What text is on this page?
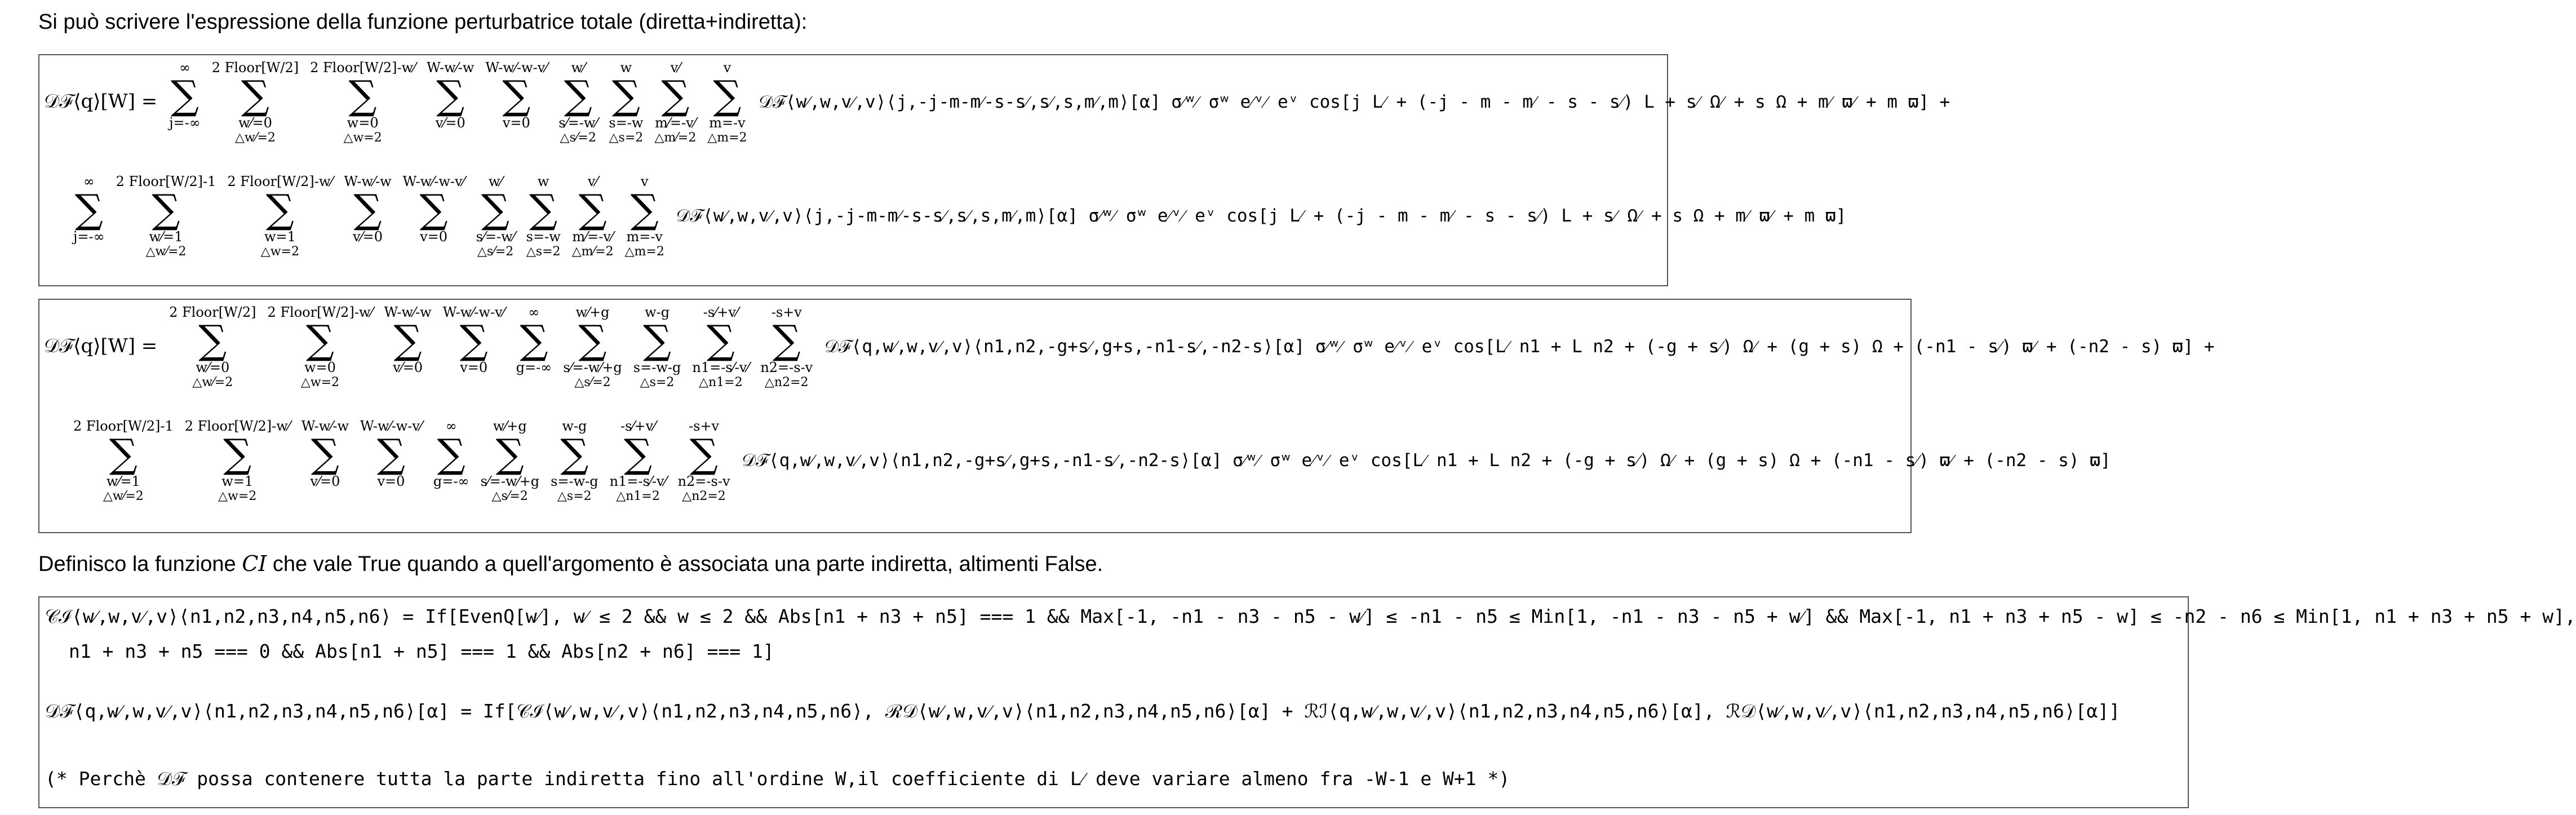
Si può scrivere l'espressione della funzione perturbatrice totale (diretta+indiretta):
𝒟ℱ⟨q⟩[W] =
∞
∑
j=-∞

2 Floor[W/2]
∑
w⁄=0
△w⁄=2
2 Floor[W/2]-w⁄
∑
w=0
△w=2
W-w⁄-w
∑
v⁄=0

W-w⁄-w-v⁄
∑
v=0

w⁄
∑
s⁄=-w⁄
△s⁄=2
w
∑
s=-w
△s=2
v⁄
∑
m⁄=-v⁄
△m⁄=2
v
∑
m=-v
△m=2
𝒟ℱ⟨w⁄,w,v⁄,v⟩⟨j,-j-m-m⁄-s-s⁄,s⁄,s,m⁄,m⟩[α] σ⁄ʷ⁄ σʷ e⁄ᵛ⁄ eᵛ cos[j L⁄ + (-j - m - m⁄ - s - s⁄) L + s⁄ Ω⁄ + s Ω + m⁄ ϖ⁄ + m ϖ] +
∞
∑
j=-∞

2 Floor[W/2]-1
∑
w⁄=1
△w⁄=2
2 Floor[W/2]-w⁄
∑
w=1
△w=2
W-w⁄-w
∑
v⁄=0

W-w⁄-w-v⁄
∑
v=0

w⁄
∑
s⁄=-w⁄
△s⁄=2
w
∑
s=-w
△s=2
v⁄
∑
m⁄=-v⁄
△m⁄=2
v
∑
m=-v
△m=2
𝒟ℱ⟨w⁄,w,v⁄,v⟩⟨j,-j-m-m⁄-s-s⁄,s⁄,s,m⁄,m⟩[α] σ⁄ʷ⁄ σʷ e⁄ᵛ⁄ eᵛ cos[j L⁄ + (-j - m - m⁄ - s - s⁄) L + s⁄ Ω⁄ + s Ω + m⁄ ϖ⁄ + m ϖ]
𝒟ℱ⟨q⟩[W] =
2 Floor[W/2]
∑
w⁄=0
△w⁄=2
2 Floor[W/2]-w⁄
∑
w=0
△w=2
W-w⁄-w
∑
v⁄=0

W-w⁄-w-v⁄
∑
v=0

∞
∑
g=-∞

w⁄+g
∑
s⁄=-w⁄+g
△s⁄=2
w-g
∑
s=-w-g
△s=2
-s⁄+v⁄
∑
n1=-s⁄-v⁄
△n1=2
-s+v
∑
n2=-s-v
△n2=2
𝒟ℱ⟨q,w⁄,w,v⁄,v⟩⟨n1,n2,-g+s⁄,g+s,-n1-s⁄,-n2-s⟩[α] σ⁄ʷ⁄ σʷ e⁄ᵛ⁄ eᵛ cos[L⁄ n1 + L n2 + (-g + s⁄) Ω⁄ + (g + s) Ω + (-n1 - s⁄) ϖ⁄ + (-n2 - s) ϖ] +
2 Floor[W/2]-1
∑
w⁄=1
△w⁄=2
2 Floor[W/2]-w⁄
∑
w=1
△w=2
W-w⁄-w
∑
v⁄=0

W-w⁄-w-v⁄
∑
v=0

∞
∑
g=-∞

w⁄+g
∑
s⁄=-w⁄+g
△s⁄=2
w-g
∑
s=-w-g
△s=2
-s⁄+v⁄
∑
n1=-s⁄-v⁄
△n1=2
-s+v
∑
n2=-s-v
△n2=2
𝒟ℱ⟨q,w⁄,w,v⁄,v⟩⟨n1,n2,-g+s⁄,g+s,-n1-s⁄,-n2-s⟩[α] σ⁄ʷ⁄ σʷ e⁄ᵛ⁄ eᵛ cos[L⁄ n1 + L n2 + (-g + s⁄) Ω⁄ + (g + s) Ω + (-n1 - s⁄) ϖ⁄ + (-n2 - s) ϖ]
Definisco la funzione CI che vale True quando a quell'argomento è associata una parte indiretta, altimenti False.
𝒞ℐ⟨w⁄,w,v⁄,v⟩⟨n1,n2,n3,n4,n5,n6⟩ = If[EvenQ[w⁄], w⁄ ≤ 2 && w ≤ 2 && Abs[n1 + n3 + n5] === 1 && Max[-1, -n1 - n3 - n5 - w⁄] ≤ -n1 - n5 ≤ Min[1, -n1 - n3 - n5 + w⁄] && Max[-1, n1 + n3 + n5 - w] ≤ -n2 - n6 ≤ Min[1, n1 + n3 + n5 + w],
n1 + n3 + n5 === 0 && Abs[n1 + n5] === 1 && Abs[n2 + n6] === 1]
𝒟ℱ⟨q,w⁄,w,v⁄,v⟩⟨n1,n2,n3,n4,n5,n6⟩[α] = If[𝒞ℐ⟨w⁄,w,v⁄,v⟩⟨n1,n2,n3,n4,n5,n6⟩, ℛ𝒟⟨w⁄,w,v⁄,v⟩⟨n1,n2,n3,n4,n5,n6⟩[α] + ℛℐ⟨q,w⁄,w,v⁄,v⟩⟨n1,n2,n3,n4,n5,n6⟩[α], ℛ𝒟⟨w⁄,w,v⁄,v⟩⟨n1,n2,n3,n4,n5,n6⟩[α]]
(* Perchè 𝒟ℱ possa contenere tutta la parte indiretta fino all'ordine W,il coefficiente di L⁄ deve variare almeno fra -W-1 e W+1 *)
